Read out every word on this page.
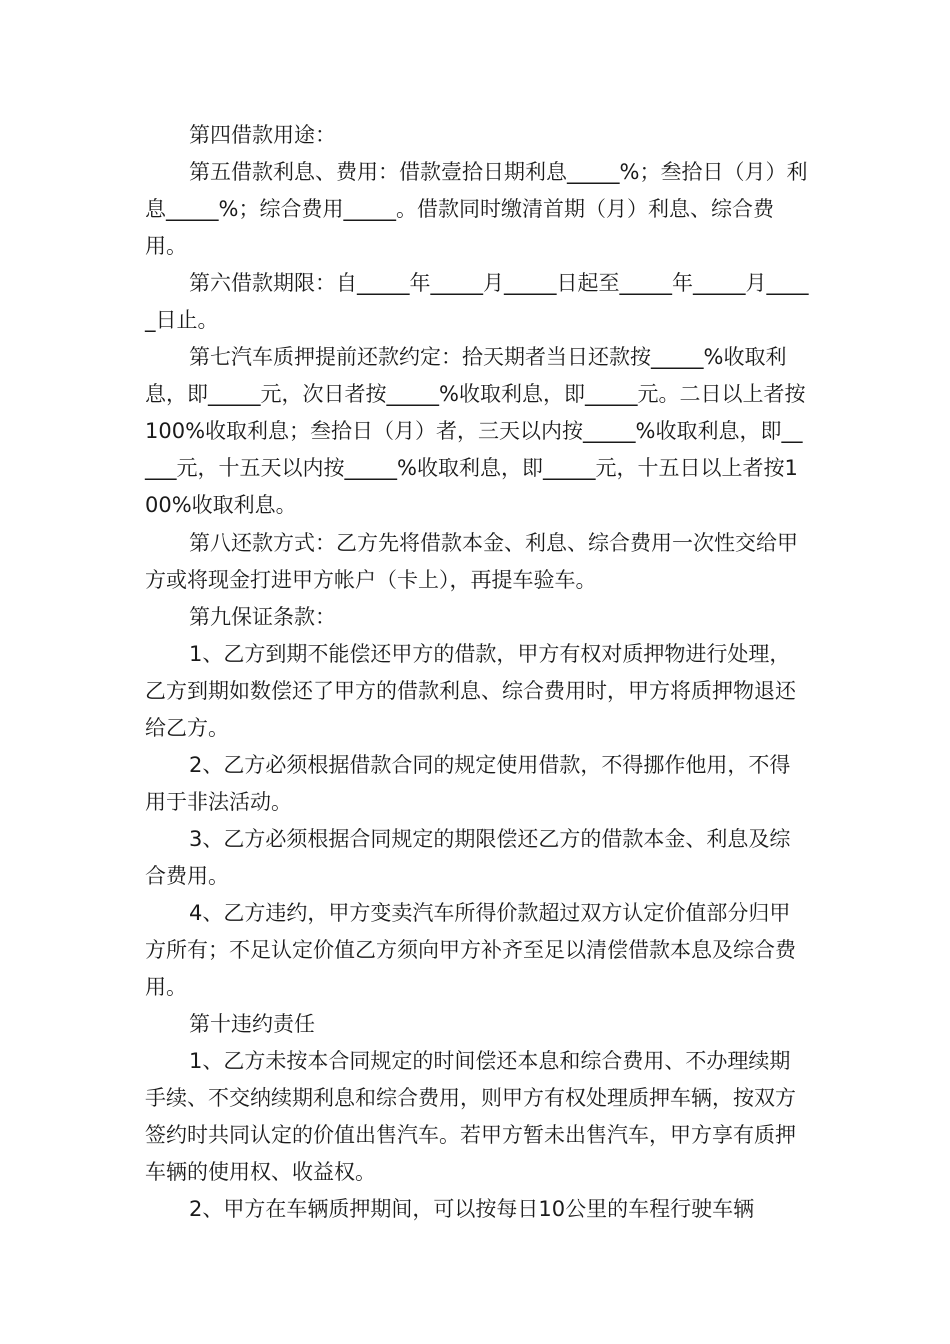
第四借款用途：

第五借款利息、费用：借款壹拾日期利息_____%；叁拾日（月）利息_____%；综合费用_____。借款同时缴清首期（月）利息、综合费用。

第六借款期限：自_____年_____月_____日起至_____年_____月_____日止。

第七汽车质押提前还款约定：拾天期者当日还款按_____%收取利息，即_____元，次日者按_____%收取利息，即_____元。二日以上者按100%收取利息；叁拾日（月）者，三天以内按_____%收取利息，即_____元，十五天以内按_____%收取利息，即_____元，十五日以上者按100%收取利息。

第八还款方式：乙方先将借款本金、利息、综合费用一次性交给甲方或将现金打进甲方帐户（卡上），再提车验车。

第九保证条款：

1、乙方到期不能偿还甲方的借款，甲方有权对质押物进行处理，乙方到期如数偿还了甲方的借款利息、综合费用时，甲方将质押物退还给乙方。

2、乙方必须根据借款合同的规定使用借款，不得挪作他用，不得用于非法活动。

3、乙方必须根据合同规定的期限偿还乙方的借款本金、利息及综合费用。

4、乙方违约，甲方变卖汽车所得价款超过双方认定价值部分归甲方所有；不足认定价值乙方须向甲方补齐至足以清偿借款本息及综合费用。

第十违约责任

1、乙方未按本合同规定的时间偿还本息和综合费用、不办理续期手续、不交纳续期利息和综合费用，则甲方有权处理质押车辆，按双方签约时共同认定的价值出售汽车。若甲方暂未出售汽车，甲方享有质押车辆的使用权、收益权。

2、甲方在车辆质押期间，可以按每日10公里的车程行驶车辆
